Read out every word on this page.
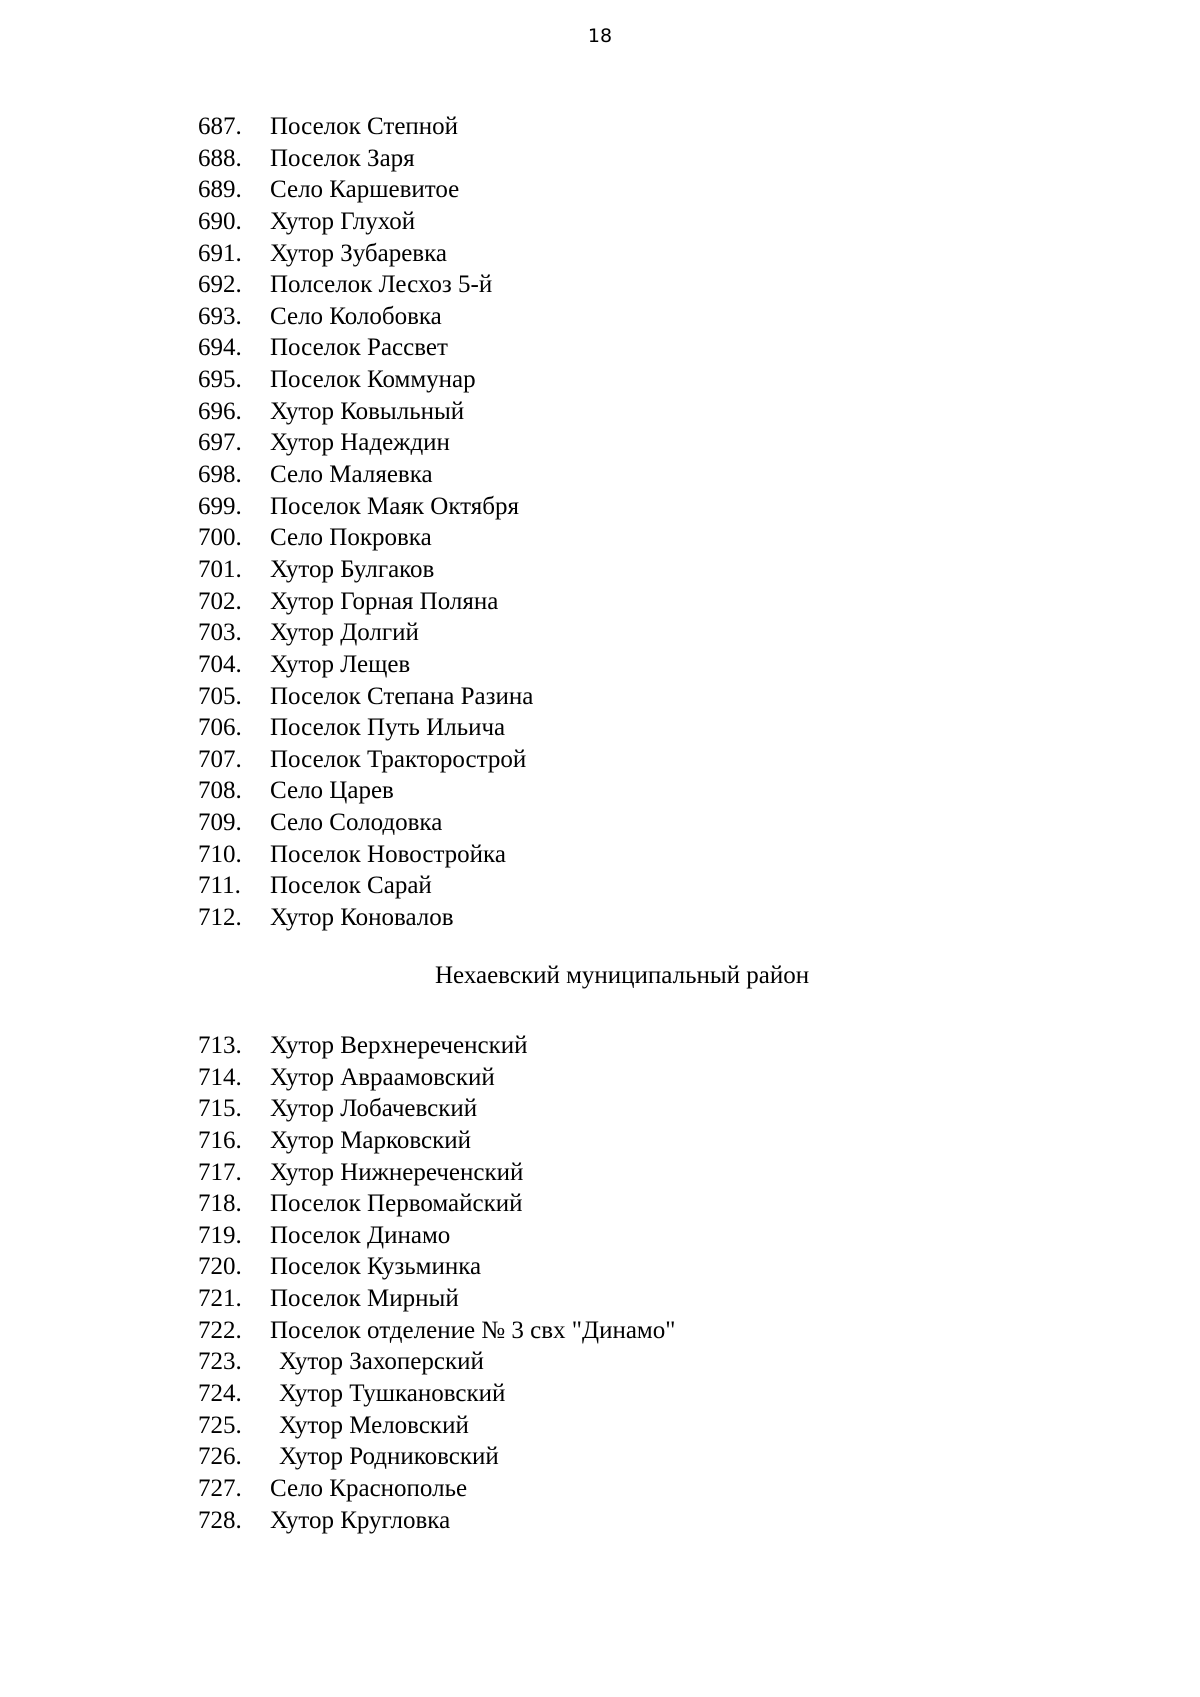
18
687.	Поселок Степной
688.	Поселок Заря
689.	Село Каршевитое
690.	Хутор Глухой
691.	Хутор Зубаревка
692.	Полселок Лесхоз 5-й
693.	Село Колобовка
694.	Поселок Рассвет
695.	Поселок Коммунар
696.	Хутор Ковыльный
697.	Хутор Надеждин
698.	Село Маляевка
699.	Поселок Маяк Октября
700.	Село Покровка
701.	Хутор Булгаков
702.	Хутор Горная Поляна
703.	Хутор Долгий
704.	Хутор Лещев
705.	Поселок Степана Разина
706.	Поселок Путь Ильича
707.	Поселок Тракторострой
708.	Село Царев
709.	Село Солодовка
710.	Поселок Новостройка
711.	Поселок Сарай
712.	Хутор Коновалов
Нехаевский муниципальный район
713.	Хутор Верхнереченский
714.	Хутор Авраамовский
715.	Хутор Лобачевский
716.	Хутор Марковский
717.	Хутор Нижнереченский
718.	Поселок Первомайский
719.	Поселок Динамо
720.	Поселок Кузьминка
721.	Поселок Мирный
722.	Поселок отделение № 3 свх "Динамо"
723.	Хутор Захоперский
724.	Хутор Тушкановский
725.	Хутор Меловский
726.	Хутор Родниковский
727.	Село Краснополье
728.	Хутор Кругловка
